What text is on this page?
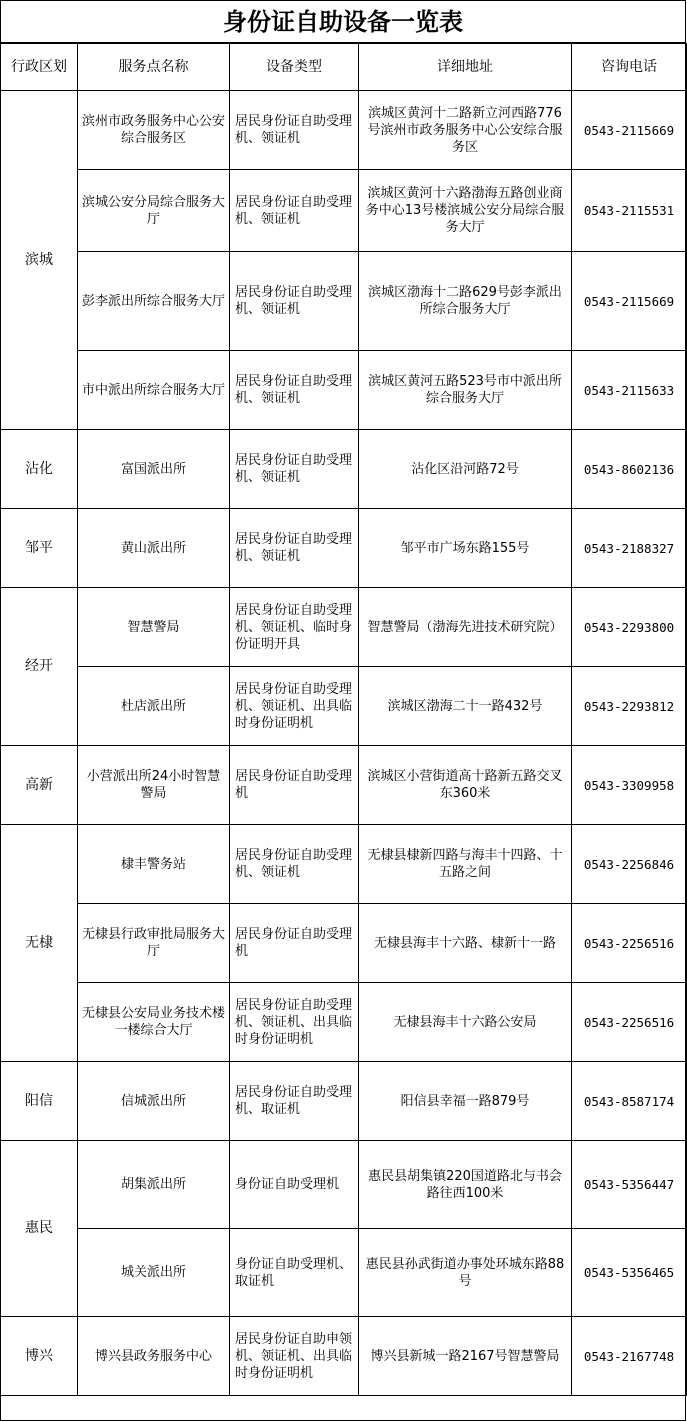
身份证自助设备一览表
行政区划	服务点名称	设备类型	详细地址	咨询电话
滨城	滨州市政务服务中心公安综合服务区	居民身份证自助受理机、领证机	滨城区黄河十二路新立河西路776号滨州市政务服务中心公安综合服务区	0543-2115669
	滨城公安分局综合服务大厅	居民身份证自助受理机、领证机	滨城区黄河十六路渤海五路创业商务中心13号楼滨城公安分局综合服务大厅	0543-2115531
	彭李派出所综合服务大厅	居民身份证自助受理机、领证机	滨城区渤海十二路629号彭李派出所综合服务大厅	0543-2115669
	市中派出所综合服务大厅	居民身份证自助受理机、领证机	滨城区黄河五路523号市中派出所综合服务大厅	0543-2115633
沾化	富国派出所	居民身份证自助受理机、领证机	沾化区沿河路72号	0543-8602136
邹平	黄山派出所	居民身份证自助受理机、领证机	邹平市广场东路155号	0543-2188327
经开	智慧警局	居民身份证自助受理机、领证机、临时身份证明开具	智慧警局（渤海先进技术研究院）	0543-2293800
	杜店派出所	居民身份证自助受理机、领证机、出具临时身份证明机	滨城区渤海二十一路432号	0543-2293812
高新	小营派出所24小时智慧警局	居民身份证自助受理机	滨城区小营街道高十路新五路交叉东360米	0543-3309958
无棣	棣丰警务站	居民身份证自助受理机、领证机	无棣县棣新四路与海丰十四路、十五路之间	0543-2256846
	无棣县行政审批局服务大厅	居民身份证自助受理机	无棣县海丰十六路、棣新十一路	0543-2256516
	无棣县公安局业务技术楼一楼综合大厅	居民身份证自助受理机、领证机、出具临时身份证明机	无棣县海丰十六路公安局	0543-2256516
阳信	信城派出所	居民身份证自助受理机、取证机	阳信县幸福一路879号	0543-8587174
惠民	胡集派出所	身份证自助受理机	惠民县胡集镇220国道路北与书会路往西100米	0543-5356447
	城关派出所	身份证自助受理机、取证机	惠民县孙武街道办事处环城东路88号	0543-5356465
博兴	博兴县政务服务中心	居民身份证自助申领机、领证机、出具临时身份证明机	博兴县新城一路2167号智慧警局	0543-2167748
